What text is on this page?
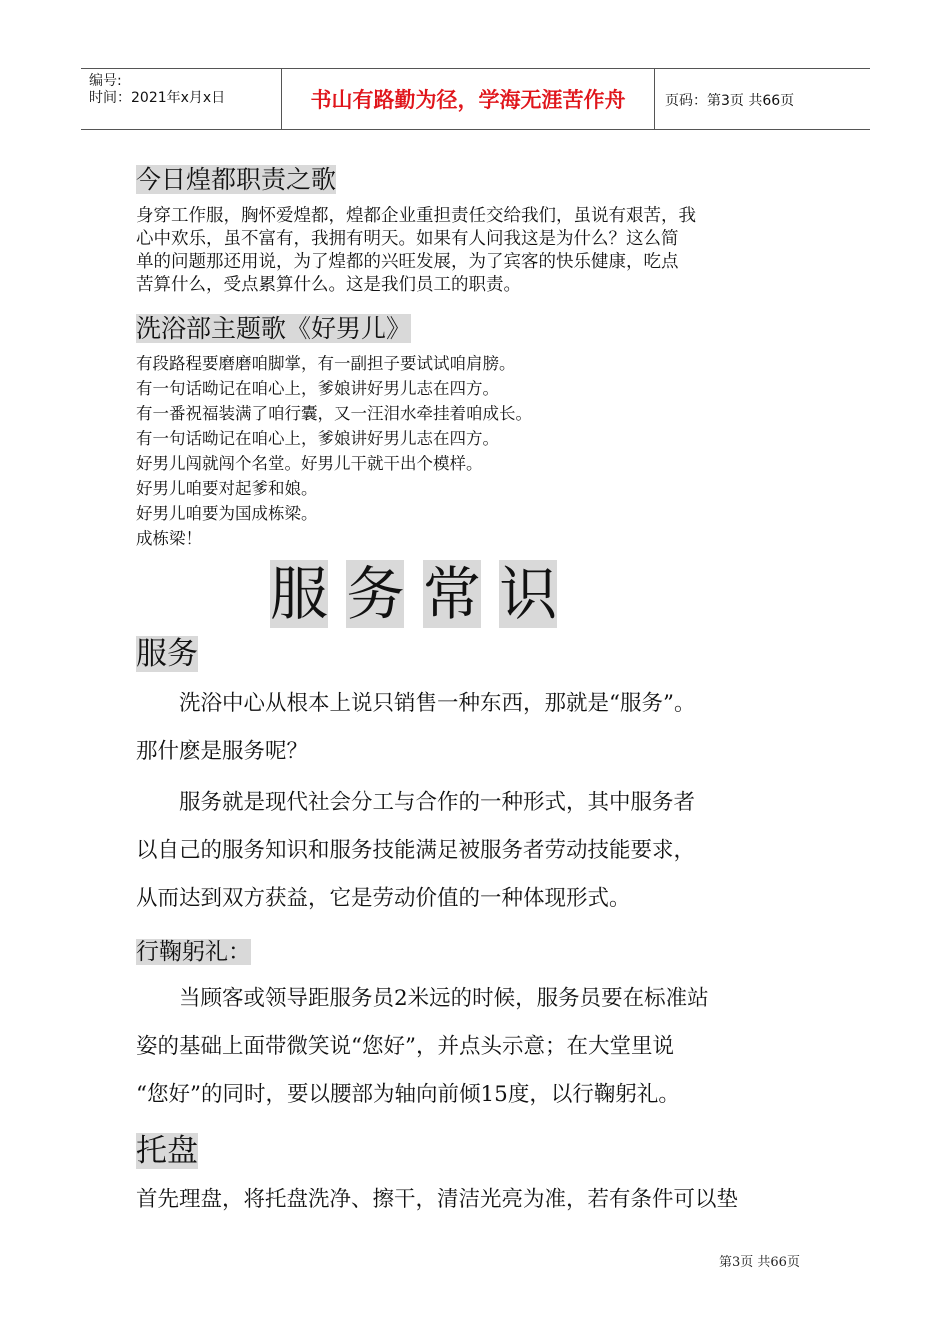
编号:
时间：2021年x月x日	书山有路勤为径，学海无涯苦作舟	页码：第3页 共66页
今日煌都职责之歌
身穿工作服，胸怀爱煌都，煌都企业重担责任交给我们，虽说有艰苦，我
心中欢乐，虽不富有，我拥有明天。如果有人问我这是为什么？这么简
单的问题那还用说，为了煌都的兴旺发展，为了宾客的快乐健康，吃点
苦算什么，受点累算什么。这是我们员工的职责。
洗浴部主题歌《好男儿》
有段路程要磨磨咱脚掌，有一副担子要试试咱肩膀。
有一句话呦记在咱心上，爹娘讲好男儿志在四方。
有一番祝福装满了咱行囊，又一汪泪水牵挂着咱成长。
有一句话呦记在咱心上，爹娘讲好男儿志在四方。
好男儿闯就闯个名堂。好男儿干就干出个模样。
好男儿咱要对起爹和娘。
好男儿咱要为国成栋梁。
成栋梁！
服 务 常 识
服务
洗浴中心从根本上说只销售一种东西，那就是“服务”。
那什麽是服务呢？
服务就是现代社会分工与合作的一种形式，其中服务者
以自己的服务知识和服务技能满足被服务者劳动技能要求，
从而达到双方获益，它是劳动价值的一种体现形式。
行鞠躬礼：
当顾客或领导距服务员2米远的时候，服务员要在标准站
姿的基础上面带微笑说“您好”，并点头示意；在大堂里说
“您好”的同时，要以腰部为轴向前倾15度，以行鞠躬礼。
托盘
首先理盘，将托盘洗净、擦干，清洁光亮为准，若有条件可以垫
第3页 共66页
